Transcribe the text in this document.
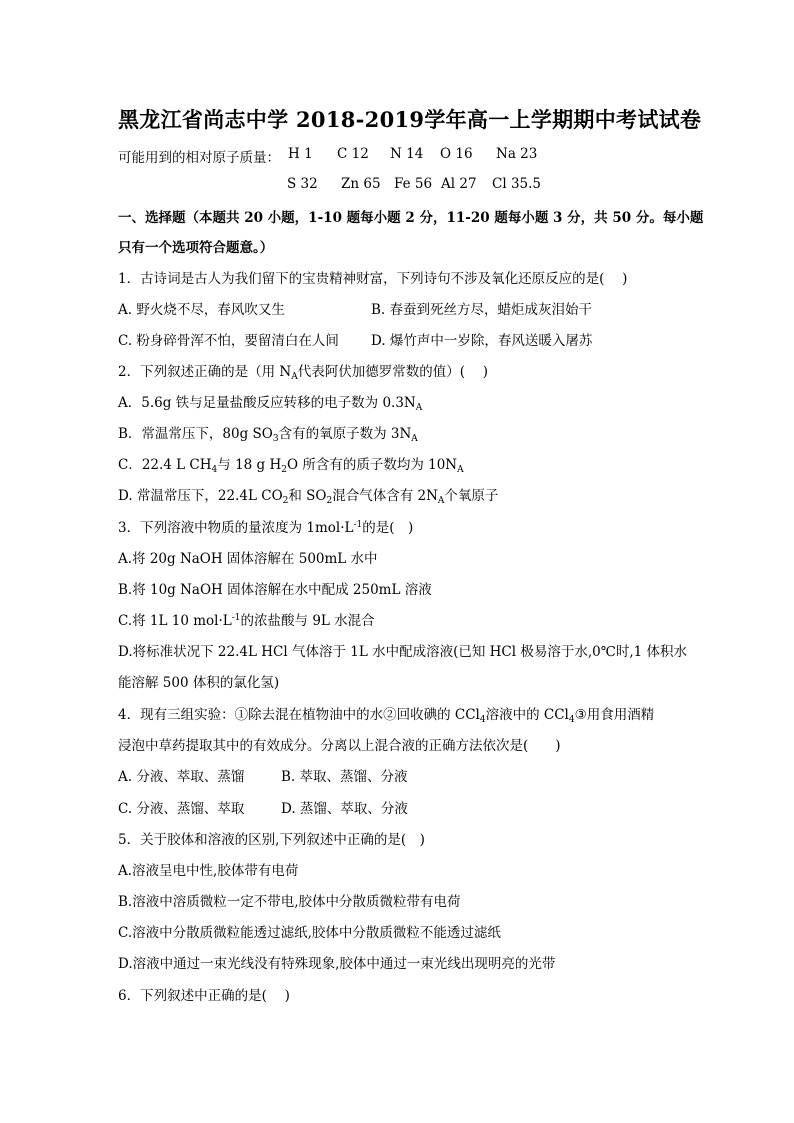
黑龙江省尚志中学 2018-2019学年高一上学期期中考试试卷
可能用到的相对原子质量： H 1 C 12 N 14 O 16 Na 23
S 32 Zn 65 Fe 56 Al 27 Cl 35.5
一、选择题（本题共 20 小题，1-10 题每小题 2 分，11-20 题每小题 3 分，共 50 分。每小题
只有一个选项符合题意。）
1．古诗词是古人为我们留下的宝贵精神财富，下列诗句不涉及氧化还原反应的是(　 )
A. 野火烧不尽，春风吹又生	B. 春蚕到死丝方尽，蜡炬成灰泪始干
C. 粉身碎骨浑不怕，要留清白在人间 D. 爆竹声中一岁除，春风送暖入屠苏
2．下列叙述正确的是（用 $N_A$代表阿伏加德罗常数的值）(　 )
A．5.6g 铁与足量盐酸反应转移的电子数为 $0.3N_A$
B．常温常压下，80g $SO_3$含有的氧原子数为 $3N_A$
C．22.4 L $CH_4$与 18 g $H_2O$ 所含有的质子数均为 $10N_A$
D. 常温常压下，22.4L $CO_2$和 $SO_2$混合气体含有 $2N_A$个氧原子
3．下列溶液中物质的量浓度为 $1mol\cdot L^{-1}$的是(　)
A.将 20g NaOH 固体溶解在 500mL 水中
B.将 10g NaOH 固体溶解在水中配成 250mL 溶液
C.将 1L 10 $mol\cdot L^{-1}$的浓盐酸与 9L 水混合
D.将标准状况下 22.4L HCl 气体溶于 1L 水中配成溶液(已知 HCl 极易溶于水,0℃时,1 体积水
能溶解 500 体积的氯化氢)
4．现有三组实验：①除去混在植物油中的水②回收碘的 CCl$_4$溶液中的 CCl$_4$③用食用酒精
浸泡中草药提取其中的有效成分。分离以上混合液的正确方法依次是(　　)
A. 分液、萃取、蒸馏	B. 萃取、蒸馏、分液
C. 分液、蒸馏、萃取	D. 蒸馏、萃取、分液
5．关于胶体和溶液的区别,下列叙述中正确的是(　)
A.溶液呈电中性,胶体带有电荷
B.溶液中溶质微粒一定不带电,胶体中分散质微粒带有电荷
C.溶液中分散质微粒能透过滤纸,胶体中分散质微粒不能透过滤纸
D.溶液中通过一束光线没有特殊现象,胶体中通过一束光线出现明亮的光带
6．下列叙述中正确的是(　 )
